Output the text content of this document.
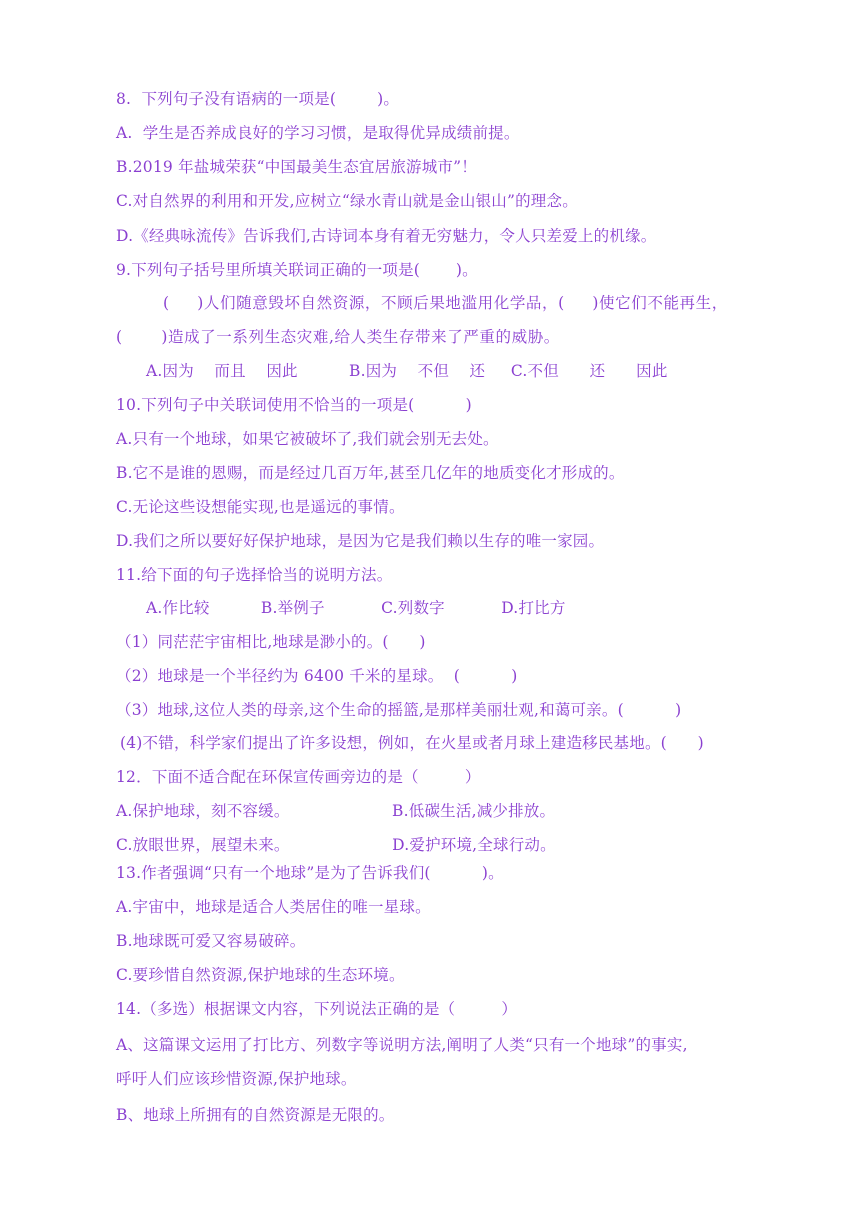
8.  下列句子没有语病的一项是(        )。
A.  学生是否养成良好的学习习惯，是取得优异成绩前提。
B.2019 年盐城荣获“中国最美生态宜居旅游城市”！
C.对自然界的利用和开发,应树立“绿水青山就是金山银山”的理念。
D.《经典咏流传》告诉我们,古诗词本身有着无穷魅力，令人只差爱上的机缘。
9.下列句子括号里所填关联词正确的一项是(       )。
(     )人们随意毁坏自然资源，不顾后果地滥用化学品，(     )使它们不能再生，
(       )造成了一系列生态灾难,给人类生存带来了严重的威胁。
A.因为    而且    因此          B.因为    不但    还     C.不但      还      因此
10.下列句子中关联词使用不恰当的一项是(          )
A.只有一个地球，如果它被破坏了,我们就会别无去处。
B.它不是谁的恩赐，而是经过几百万年,甚至几亿年的地质变化才形成的。
C.无论这些设想能实现,也是遥远的事情。
D.我们之所以要好好保护地球，是因为它是我们赖以生存的唯一家园。
11.给下面的句子选择恰当的说明方法。
A.作比较          B.举例子           C.列数字           D.打比方
（1）同茫茫宇宙相比,地球是渺小的。(      )
（2）地球是一个半径约为 6400 千米的星球。  (          )
（3）地球,这位人类的母亲,这个生命的摇篮,是那样美丽壮观,和蔼可亲。(          )
(4)不错，科学家们提出了许多设想，例如，在火星或者月球上建造移民基地。(      )
12．下面不适合配在环保宣传画旁边的是（         ）
A.保护地球，刻不容缓。                    B.低碳生活,减少排放。
C.放眼世界，展望未来。                    D.爱护环境,全球行动。
13.作者强调“只有一个地球”是为了告诉我们(          )。
A.宇宙中，地球是适合人类居住的唯一星球。
B.地球既可爱又容易破碎。
C.要珍惜自然资源,保护地球的生态环境。
14.（多选）根据课文内容，下列说法正确的是（         ）
A、这篇课文运用了打比方、列数字等说明方法,阐明了人类“只有一个地球”的事实,
呼吁人们应该珍惜资源,保护地球。
B、地球上所拥有的自然资源是无限的。
